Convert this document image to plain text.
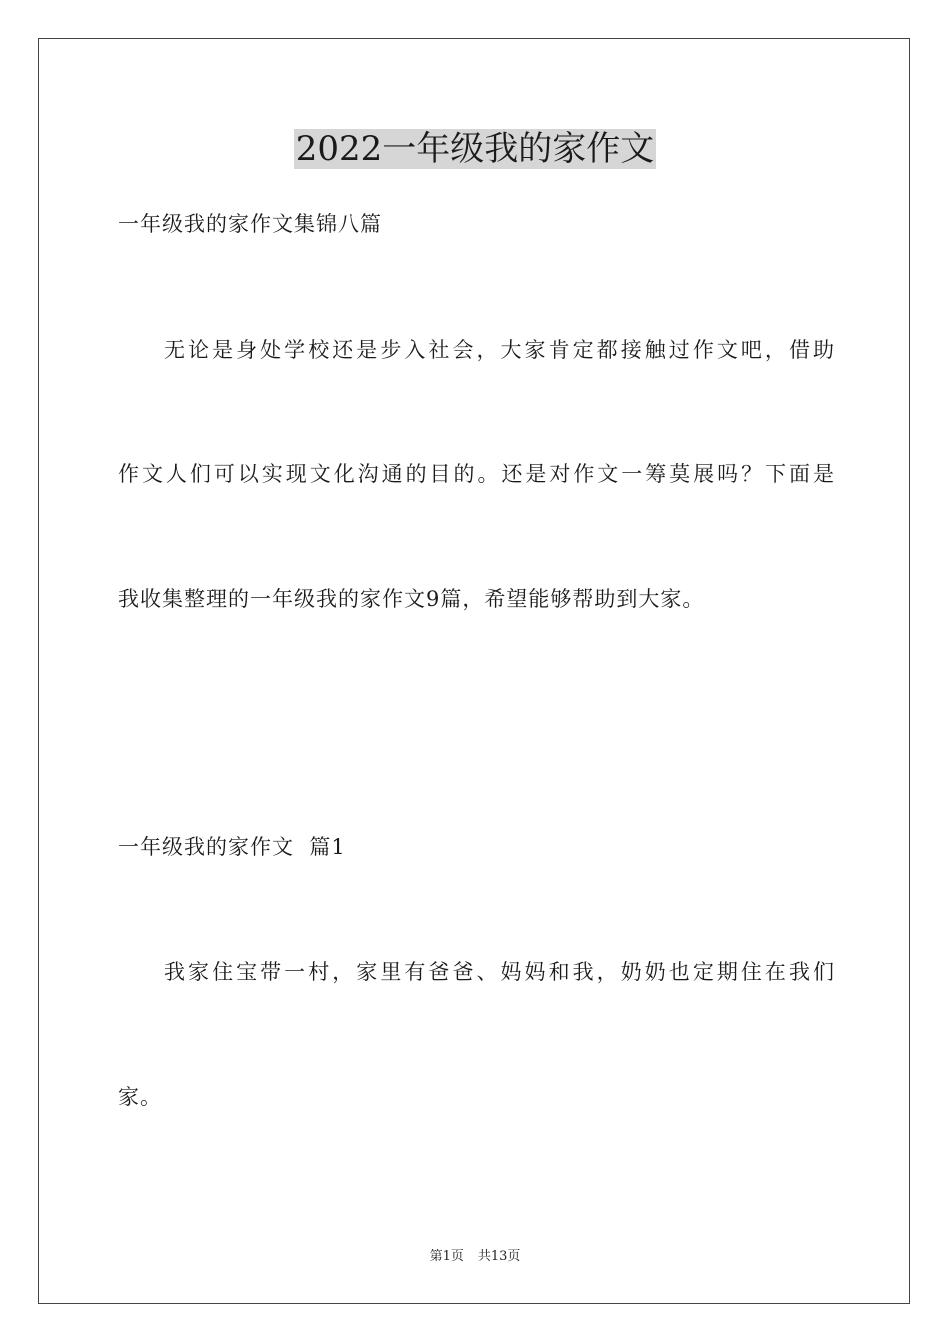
2022一年级我的家作文

一年级我的家作文集锦八篇

无论是身处学校还是步入社会，大家肯定都接触过作文吧，借助

作文人们可以实现文化沟通的目的。还是对作文一筹莫展吗？下面是

我收集整理的一年级我的家作文9篇，希望能够帮助到大家。

一年级我的家作文  篇1

我家住宝带一村，家里有爸爸、妈妈和我，奶奶也定期住在我们

家。

第1页 共13页
